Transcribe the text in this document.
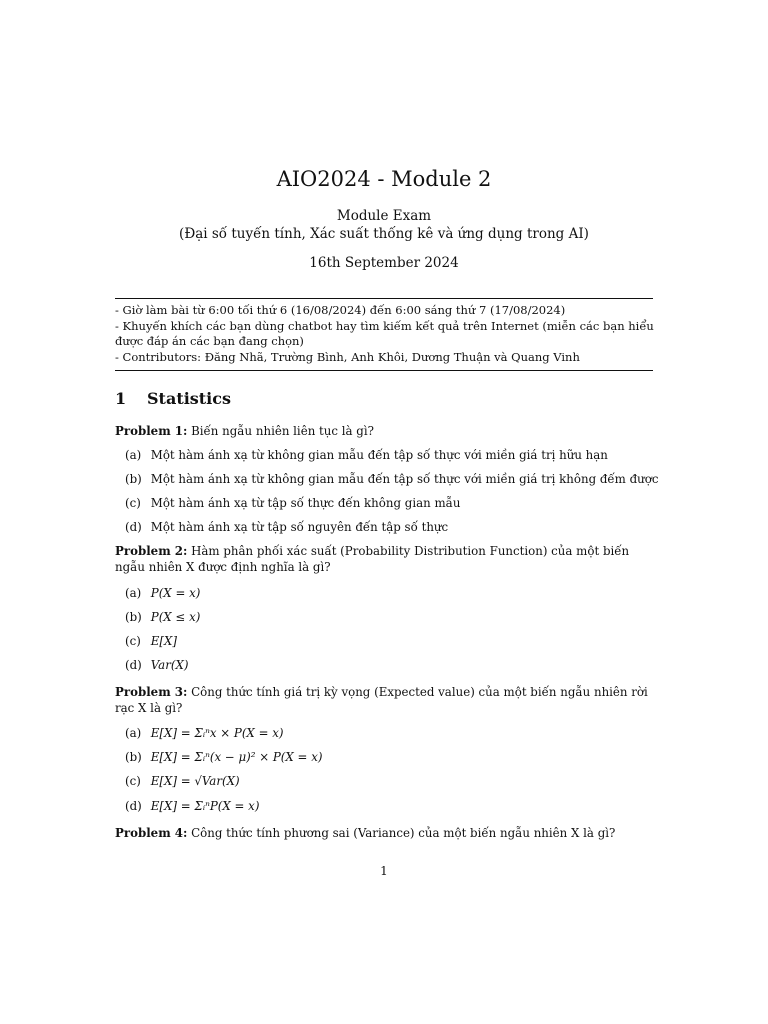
AIO2024 - Module 2
Module Exam
(Đại số tuyến tính, Xác suất thống kê và ứng dụng trong AI)
16th September 2024
- Giờ làm bài từ 6:00 tối thứ 6 (16/08/2024) đến 6:00 sáng thứ 7 (17/08/2024)
- Khuyến khích các bạn dùng chatbot hay tìm kiếm kết quả trên Internet (miễn các bạn hiểu được đáp án các bạn đang chọn)
- Contributors: Đăng Nhã, Trường Bình, Anh Khôi, Dương Thuận và Quang Vinh
1 Statistics
Problem 1: Biến ngẫu nhiên liên tục là gì?
(a) Một hàm ánh xạ từ không gian mẫu đến tập số thực với miền giá trị hữu hạn
(b) Một hàm ánh xạ từ không gian mẫu đến tập số thực với miền giá trị không đếm được
(c) Một hàm ánh xạ từ tập số thực đến không gian mẫu
(d) Một hàm ánh xạ từ tập số nguyên đến tập số thực
Problem 2: Hàm phân phối xác suất (Probability Distribution Function) của một biến ngẫu nhiên X được định nghĩa là gì?
(a) P(X = x)
(b) P(X ≤ x)
(c) E[X]
(d) Var(X)
Problem 3: Công thức tính giá trị kỳ vọng (Expected value) của một biến ngẫu nhiên rời rạc X là gì?
(a) E[X] = Σᵢⁿx × P(X = x)
(b) E[X] = Σᵢⁿ(x − μ)² × P(X = x)
(c) E[X] = √Var(X)
(d) E[X] = ΣᵢⁿP(X = x)
Problem 4: Công thức tính phương sai (Variance) của một biến ngẫu nhiên X là gì?
1
